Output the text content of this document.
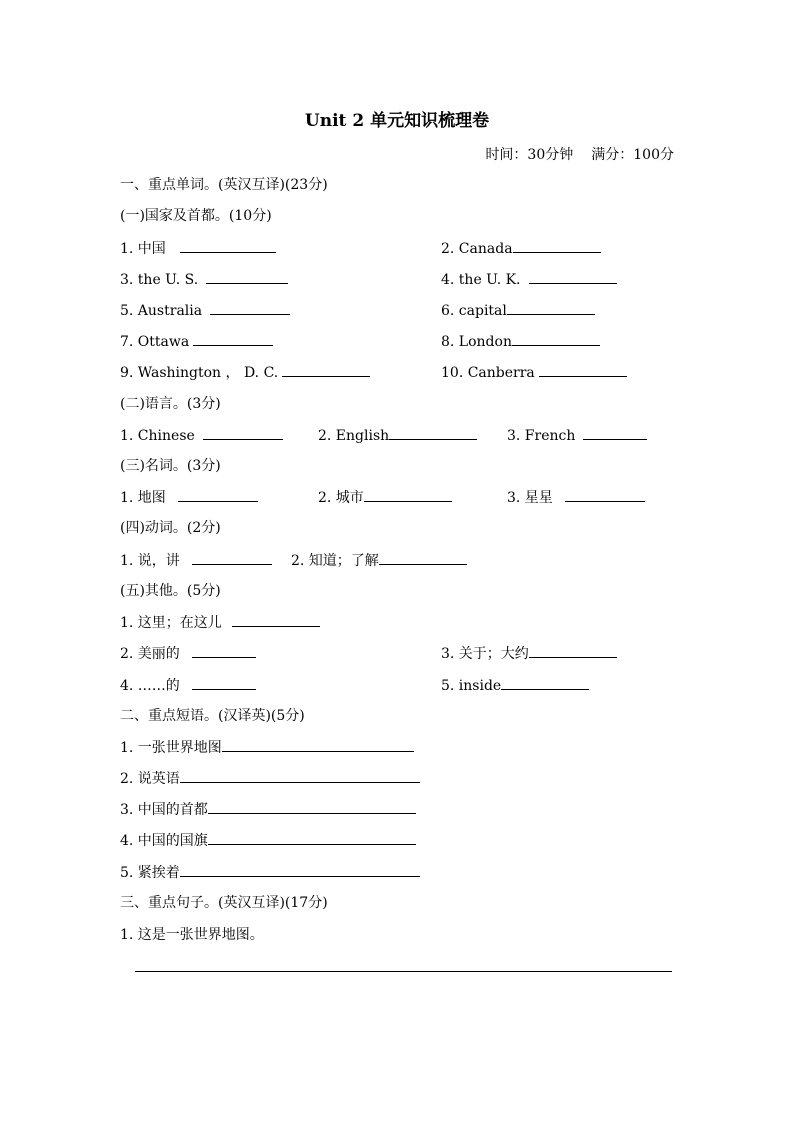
Unit 2 单元知识梳理卷
时间：30分钟 满分：100分
一、重点单词。(英汉互译)(23分)
(一)国家及首都。(10分)
1. 中国	2. Canada
3. the U. S.	4. the U. K.
5. Australia	6. capital
7. Ottawa	8. London
9. Washington ， D. C.	10. Canberra
(二)语言。(3分)
1. Chinese	2. English	3. French
(三)名词。(3分)
1. 地图	2. 城市	3. 星星
(四)动词。(2分)
1. 说，讲	2. 知道；了解
(五)其他。(5分)
1. 这里；在这儿
2. 美丽的	3. 关于；大约
4. ……的	5. inside
二、重点短语。(汉译英)(5分)
1. 一张世界地图
2. 说英语
3. 中国的首都
4. 中国的国旗
5. 紧挨着
三、重点句子。(英汉互译)(17分)
1. 这是一张世界地图。
